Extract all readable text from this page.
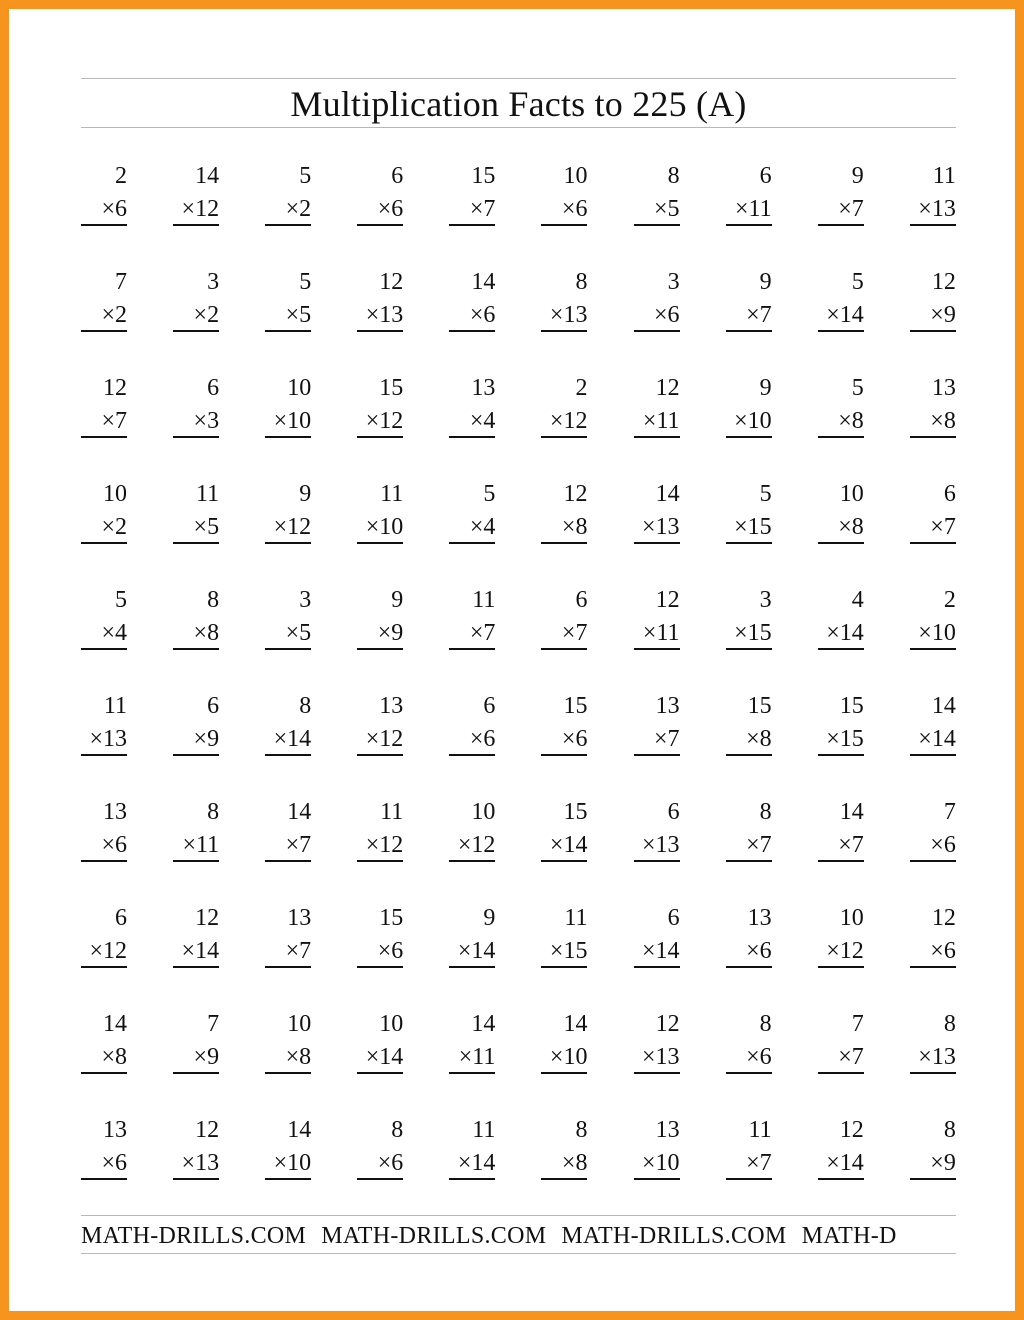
Multiplication Facts to 225 (A)
2
×6
14
×12
5
×2
6
×6
15
×7
10
×6
8
×5
6
×11
9
×7
11
×13
7
×2
3
×2
5
×5
12
×13
14
×6
8
×13
3
×6
9
×7
5
×14
12
×9
12
×7
6
×3
10
×10
15
×12
13
×4
2
×12
12
×11
9
×10
5
×8
13
×8
10
×2
11
×5
9
×12
11
×10
5
×4
12
×8
14
×13
5
×15
10
×8
6
×7
5
×4
8
×8
3
×5
9
×9
11
×7
6
×7
12
×11
3
×15
4
×14
2
×10
11
×13
6
×9
8
×14
13
×12
6
×6
15
×6
13
×7
15
×8
15
×15
14
×14
13
×6
8
×11
14
×7
11
×12
10
×12
15
×14
6
×13
8
×7
14
×7
7
×6
6
×12
12
×14
13
×7
15
×6
9
×14
11
×15
6
×14
13
×6
10
×12
12
×6
14
×8
7
×9
10
×8
10
×14
14
×11
14
×10
12
×13
8
×6
7
×7
8
×13
13
×6
12
×13
14
×10
8
×6
11
×14
8
×8
13
×10
11
×7
12
×14
8
×9
MATH-DRILLS.COM MATH-DRILLS.COM MATH-DRILLS.COM MATH-D
